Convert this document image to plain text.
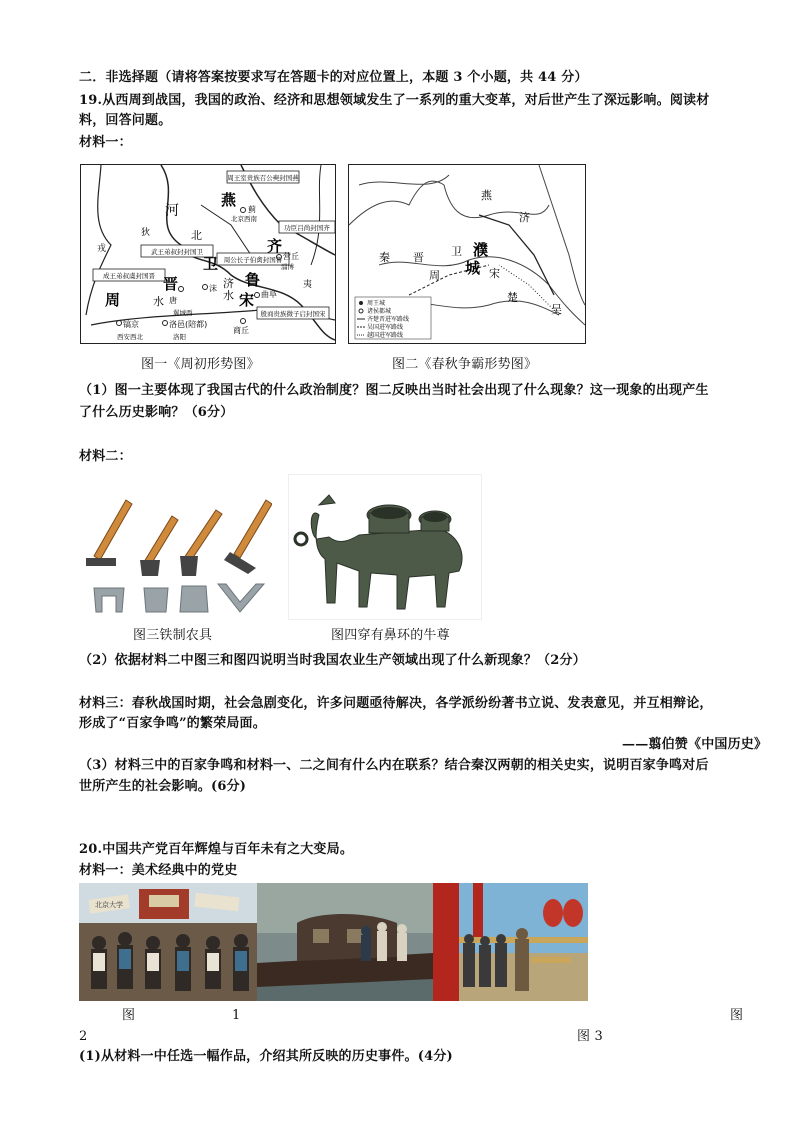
二．非选择题（请将答案按要求写在答题卡的对应位置上，本题 3 个小题，共 44 分）
19.从西周到战国，我国的政治、经济和思想领域发生了一系列的重大变革，对后世产生了深远影响。阅读材
料，回答问题。
材料一：
周王室贵族召公奭封国燕
武王弟叔封封国卫
周公长子伯禽封国鲁
功臣吕尚封国齐
成王弟叔虞封国晋
殷商贵族微子启封国宋
燕
河
北
晋
卫
齐
鲁
宋
周	水
济
水
蓟
北京西南
营丘
淄博
曲阜
沫
唐
商丘
镐京
西安西北
洛邑(陪都)
洛阳
翼城西
夷
戎
狄
图一《周初形势图》
燕
济
秦 晋 卫 濮
城
周	宋
楚
吴
周王城
诸侯都城
齐楚晋进军路线
吴国进军路线
越国进军路线
图二《春秋争霸形势图》
（1）图一主要体现了我国古代的什么政治制度？图二反映出当时社会出现了什么现象？这一现象的出现产生
了什么历史影响？（6分）
材料二：
图三铁制农具	图四穿有鼻环的牛尊
（2）依据材料二中图三和图四说明当时我国农业生产领域出现了什么新现象？（2分）
材料三：春秋战国时期，社会急剧变化，许多问题亟待解决，各学派纷纷著书立说、发表意见，并互相辩论，
形成了“百家争鸣”的繁荣局面。
——翦伯赞《中国历史》
（3）材料三中的百家争鸣和材料一、二之间有什么内在联系？结合秦汉两朝的相关史实，说明百家争鸣对后
世所产生的社会影响。(6分)
20.中国共产党百年辉煌与百年未有之大变局。
材料一：美术经典中的党史
北京大学
图	1	图
2	图 3
(1)从材料一中任选一幅作品，介绍其所反映的历史事件。(4分)
